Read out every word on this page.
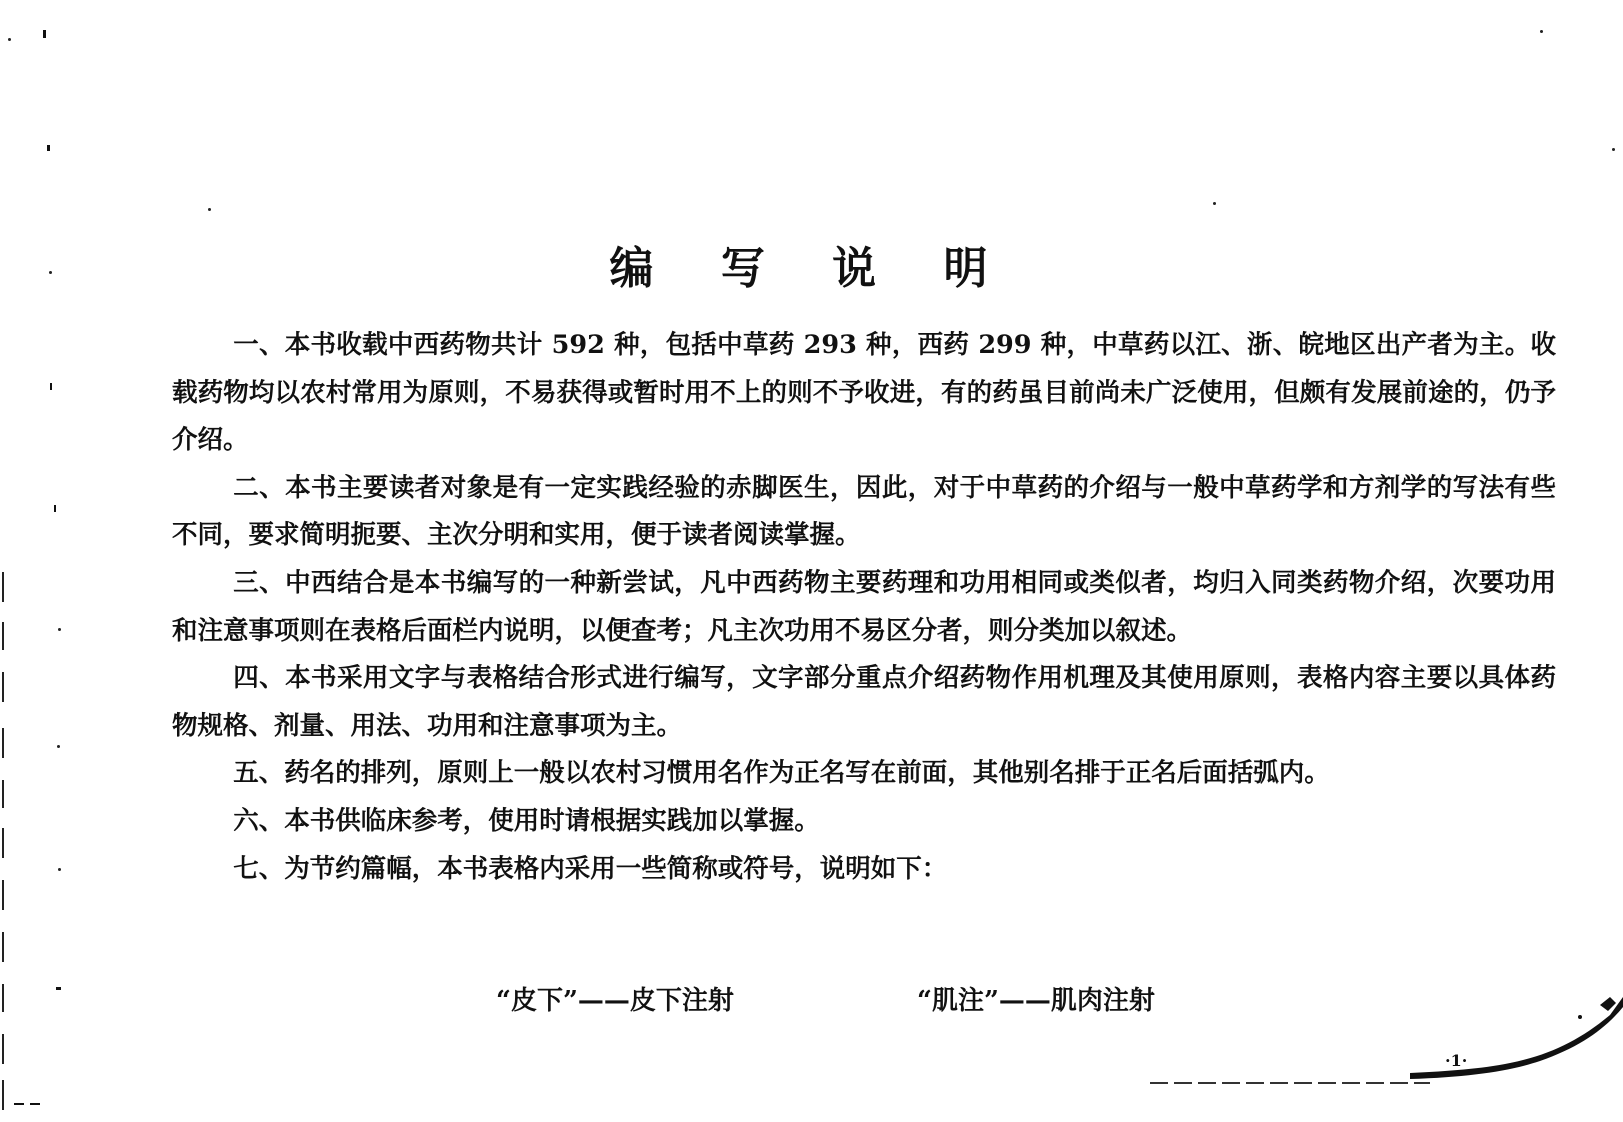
编 写 说 明

一、本书收载中西药物共计 592 种，包括中草药 293 种，西药 299 种，中草药以江、浙、皖地区出产者为主。收载药物均以农村常用为原则，不易获得或暂时用不上的则不予收进，有的药虽目前尚未广泛使用，但颇有发展前途的，仍予介绍。

二、本书主要读者对象是有一定实践经验的赤脚医生，因此，对于中草药的介绍与一般中草药学和方剂学的写法有些不同，要求简明扼要、主次分明和实用，便于读者阅读掌握。

三、中西结合是本书编写的一种新尝试，凡中西药物主要药理和功用相同或类似者，均归入同类药物介绍，次要功用和注意事项则在表格后面栏内说明，以便查考；凡主次功用不易区分者，则分类加以叙述。

四、本书采用文字与表格结合形式进行编写，文字部分重点介绍药物作用机理及其使用原则，表格内容主要以具体药物规格、剂量、用法、功用和注意事项为主。

五、药名的排列，原则上一般以农村习惯用名作为正名写在前面，其他别名排于正名后面括弧内。

六、本书供临床参考，使用时请根据实践加以掌握。

七、为节约篇幅，本书表格内采用一些简称或符号，说明如下：

“皮下”——皮下注射	“肌注”——肌肉注射
·1·
